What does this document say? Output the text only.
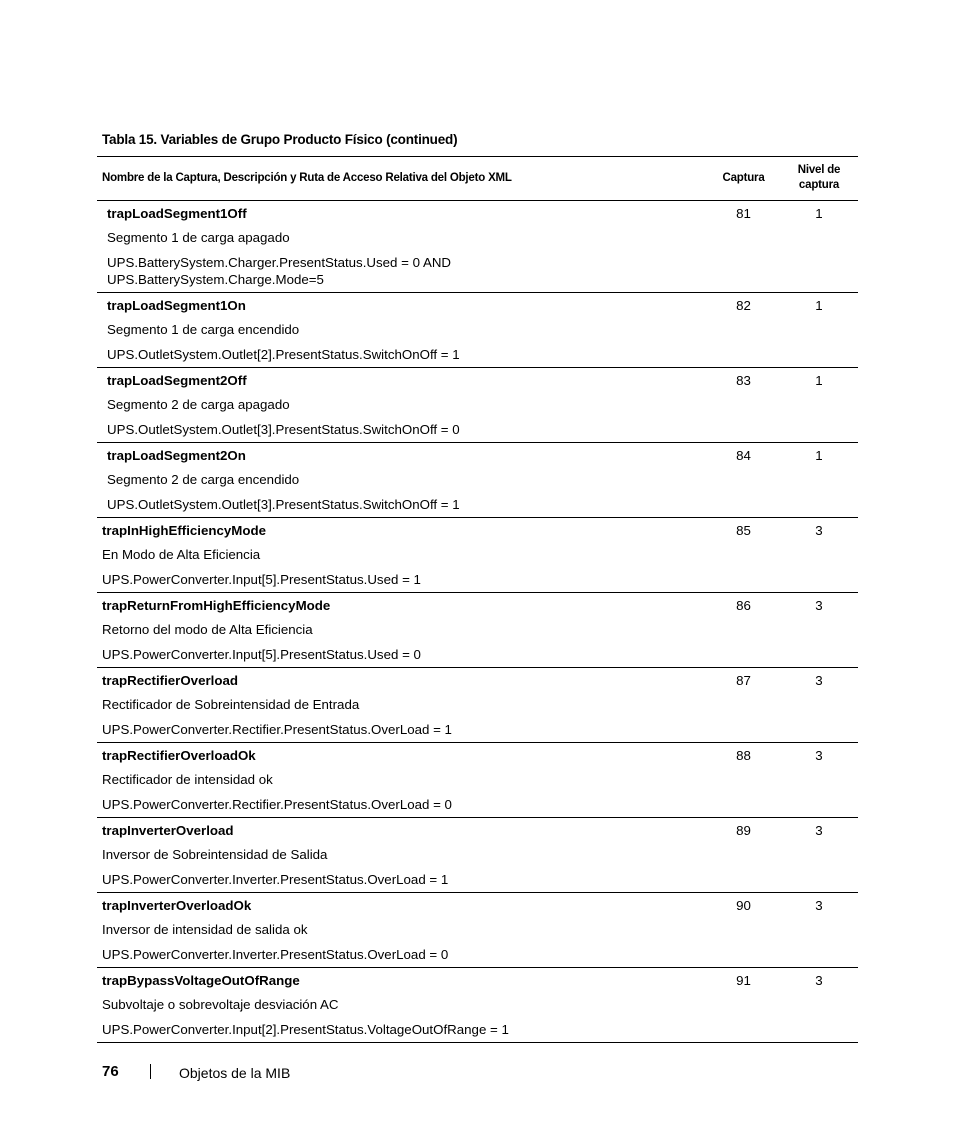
Tabla 15. Variables de Grupo Producto Físico (continued)
Nombre de la Captura, Descripción y Ruta de Acceso Relativa del Objeto XML	Captura
Nivel de
captura
trapLoadSegment1Off
Segmento 1 de carga apagado
UPS.BatterySystem.Charger.PresentStatus.Used = 0 AND UPS.BatterySystem.Charge.Mode=5
81	1
trapLoadSegment1On
Segmento 1 de carga encendido
UPS.OutletSystem.Outlet[2].PresentStatus.SwitchOnOff = 1
82	1
trapLoadSegment2Off
Segmento 2 de carga apagado
UPS.OutletSystem.Outlet[3].PresentStatus.SwitchOnOff = 0
83	1
trapLoadSegment2On
Segmento 2 de carga encendido
UPS.OutletSystem.Outlet[3].PresentStatus.SwitchOnOff = 1
84	1
trapInHighEfficiencyMode
En Modo de Alta Eficiencia
UPS.PowerConverter.Input[5].PresentStatus.Used = 1
85	3
trapReturnFromHighEfficiencyMode
Retorno del modo de Alta Eficiencia
UPS.PowerConverter.Input[5].PresentStatus.Used = 0
86	3
trapRectifierOverload
Rectificador de Sobreintensidad de Entrada
UPS.PowerConverter.Rectifier.PresentStatus.OverLoad = 1
87	3
trapRectifierOverloadOk
Rectificador de intensidad ok
UPS.PowerConverter.Rectifier.PresentStatus.OverLoad = 0
88	3
trapInverterOverload
Inversor de Sobreintensidad de Salida
UPS.PowerConverter.Inverter.PresentStatus.OverLoad = 1
89	3
trapInverterOverloadOk
Inversor de intensidad de salida ok
UPS.PowerConverter.Inverter.PresentStatus.OverLoad = 0
90	3
trapBypassVoltageOutOfRange
Subvoltaje o sobrevoltaje desviación AC
UPS.PowerConverter.Input[2].PresentStatus.VoltageOutOfRange = 1
91	3
76	Objetos de la MIB
